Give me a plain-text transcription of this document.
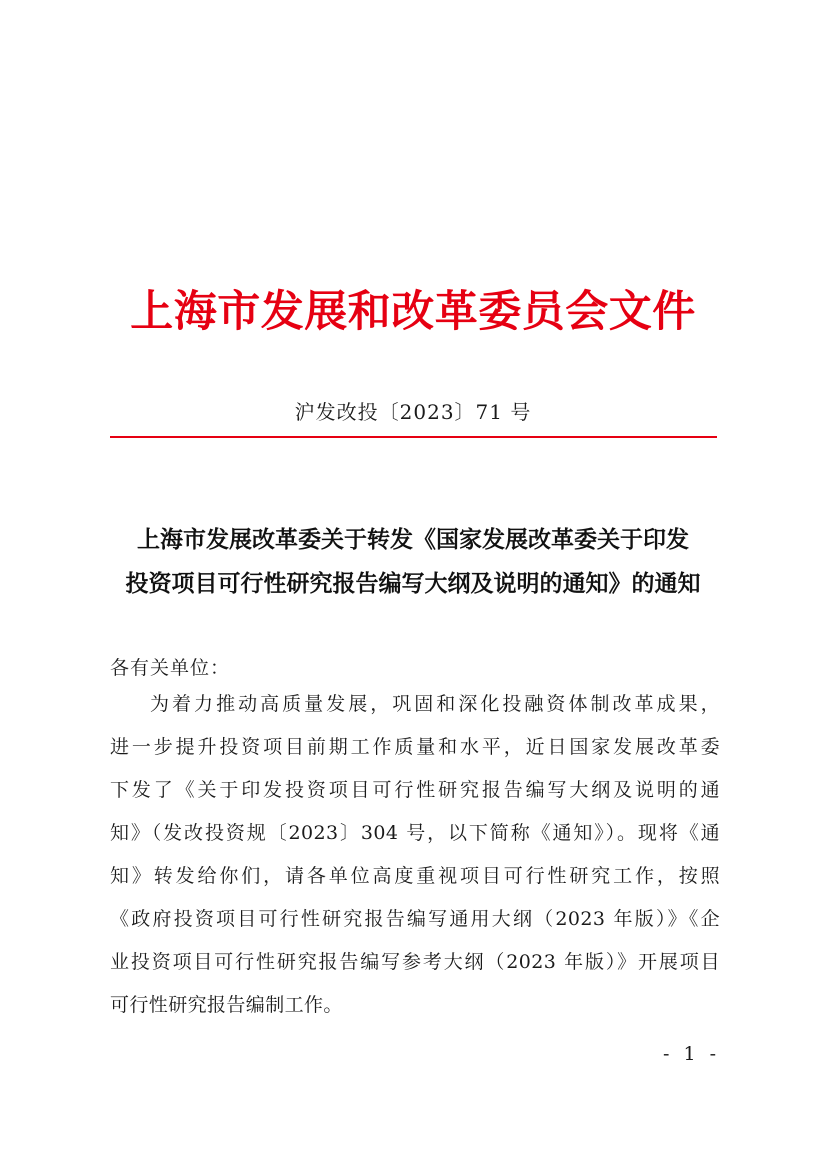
上海市发展和改革委员会文件
沪发改投〔2023〕71 号
上海市发展改革委关于转发《国家发展改革委关于印发
投资项目可行性研究报告编写大纲及说明的通知》的通知
各有关单位：
为着力推动高质量发展，巩固和深化投融资体制改革成果，
进一步提升投资项目前期工作质量和水平，近日国家发展改革委
下发了《关于印发投资项目可行性研究报告编写大纲及说明的通
知》（发改投资规〔2023〕304 号，以下简称《通知》）。现将《通
知》转发给你们，请各单位高度重视项目可行性研究工作，按照
《政府投资项目可行性研究报告编写通用大纲（2023 年版）》《企
业投资项目可行性研究报告编写参考大纲（2023 年版）》开展项目
可行性研究报告编制工作。
- 1 -
